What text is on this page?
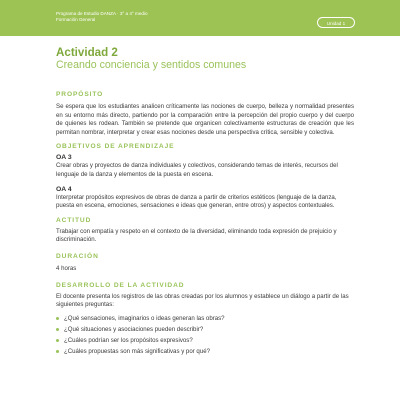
Programa de Estudio DANZA · 3° a 4° medio
Formación General
Unidad 1
Actividad 2
Creando conciencia y sentidos comunes
PROPÓSITO
Se espera que los estudiantes analicen críticamente las nociones de cuerpo, belleza y normalidad presentes en su entorno más directo, partiendo por la comparación entre la percepción del propio cuerpo y del cuerpo de quienes les rodean. También se pretende que organicen colectivamente estructuras de creación que les permitan nombrar, interpretar y crear esas nociones desde una perspectiva crítica, sensible y colectiva.
OBJETIVOS DE APRENDIZAJE
OA 3
Crear obras y proyectos de danza individuales y colectivos, considerando temas de interés, recursos del lenguaje de la danza y elementos de la puesta en escena.
OA 4
Interpretar propósitos expresivos de obras de danza a partir de criterios estéticos (lenguaje de la danza, puesta en escena, emociones, sensaciones e ideas que generan, entre otros) y aspectos contextuales.
ACTITUD
Trabajar con empatía y respeto en el contexto de la diversidad, eliminando toda expresión de prejuicio y discriminación.
DURACIÓN
4 horas
DESARROLLO DE LA ACTIVIDAD
El docente presenta los registros de las obras creadas por los alumnos y establece un diálogo a partir de las siguientes preguntas:
¿Qué sensaciones, imaginarios o ideas generan las obras?
¿Qué situaciones y asociaciones pueden describir?
¿Cuáles podrían ser los propósitos expresivos?
¿Cuáles propuestas son más significativas y por qué?
